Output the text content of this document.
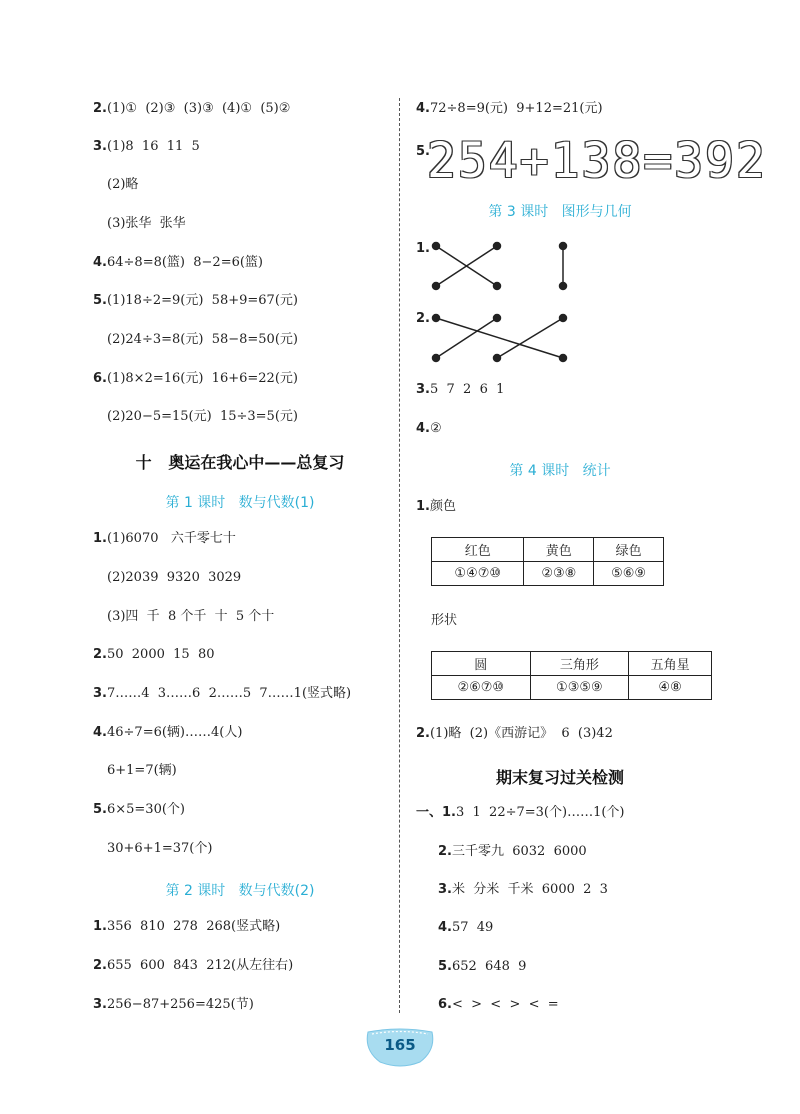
2.(1)①  (2)③  (3)③  (4)①  (5)②
3.(1)8  16  11  5
(2)略
(3)张华  张华
4.64÷8=8(篮)  8−2=6(篮)
5.(1)18÷2=9(元)  58+9=67(元)
(2)24÷3=8(元)  58−8=50(元)
6.(1)8×2=16(元)  16+6=22(元)
(2)20−5=15(元)  15÷3=5(元)
十   奥运在我心中——总复习
第 1 课时   数与代数(1)
1.(1)6070   六千零七十
(2)2039  9320  3029
(3)四  千  8 个千  十  5 个十
2.50  2000  15  80
3.7……4  3……6  2……5  7……1(竖式略)
4.46÷7=6(辆)……4(人)
6+1=7(辆)
5.6×5=30(个)
30+6+1=37(个)
第 2 课时   数与代数(2)
1.356  810  278  268(竖式略)
2.655  600  843  212(从左往右)
3.256−87+256=425(节)
4.72÷8=9(元)  9+12=21(元)
5.
254+138=392
第 3 课时   图形与几何
1.
2.
3.5  7  2  6  1
4.②
第 4 课时   统计
1.颜色
红色	黄色	绿色
①④⑦⑩	②③⑧	⑤⑥⑨
形状
圆	三角形	五角星
②⑥⑦⑩	①③⑤⑨	④⑧
2.(1)略  (2)《西游记》  6  (3)42
期末复习过关检测
一、1.3  1  22÷7=3(个)……1(个)
2.三千零九  6032  6000
3.米  分米  千米  6000  2  3
4.57  49
5.652  648  9
6.<  >  <  >  <  =
165
